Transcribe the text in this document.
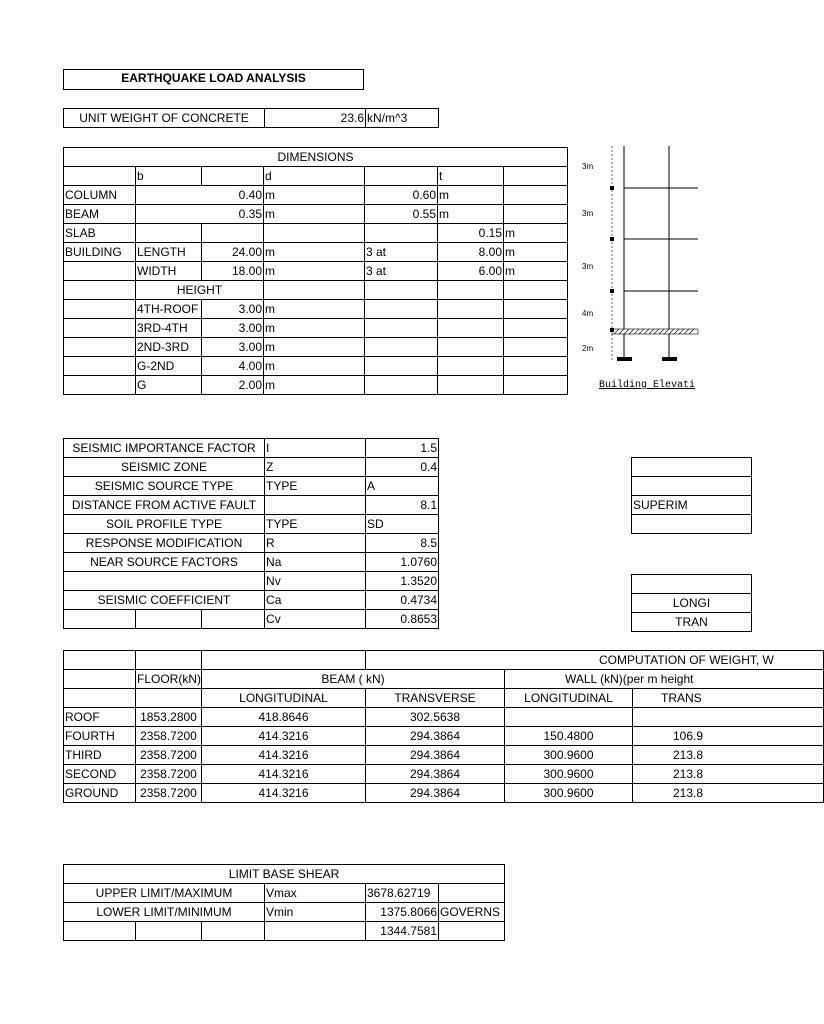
EARTHQUAKE LOAD ANALYSIS
UNIT WEIGHT OF CONCRETE	23.6	kN/m^3
DIMENSIONS						
	b		d		t	
COLUMN	0.40		m	0.60	m	
BEAM	0.35		m	0.55	m	
SLAB					0.15	m
BUILDING	LENGTH	24.00	m	3 at	8.00	m
	WIDTH	18.00	m	3 at	6.00	m
	HEIGHT					
	4TH-ROOF	3.00	m			
	3RD-4TH	3.00	m			
	2ND-3RD	3.00	m			
	G-2ND	4.00	m			
	G	2.00	m			
3m
3m
3m
4m
2m
Building Elevati
SEISMIC IMPORTANCE FACTOR			I	1.5
SEISMIC ZONE			Z	0.4
SEISMIC SOURCE TYPE			TYPE	A
DISTANCE FROM ACTIVE FAULT				8.1
SOIL PROFILE TYPE			TYPE	SD
RESPONSE MODIFICATION			R	8.5
NEAR SOURCE FACTORS			Na	1.0760
			Nv	1.3520
SEISMIC COEFFICIENT			Ca	0.4734
			Cv	0.8653

SUPERIM

LONGI
TRAN
			COMPUTATION OF WEIGHT, W		
	FLOOR(kN)	BEAM ( kN)		WALL (kN)(per m height	
		LONGITUDINAL	TRANSVERSE	LONGITUDINAL	TRANS
ROOF	1853.2800	418.8646	302.5638		
FOURTH	2358.7200	414.3216	294.3864	150.4800	106.9
THIRD	2358.7200	414.3216	294.3864	300.9600	213.8
SECOND	2358.7200	414.3216	294.3864	300.9600	213.8
GROUND	2358.7200	414.3216	294.3864	300.9600	213.8
LIMIT BASE SHEAR					
UPPER LIMIT/MAXIMUM			Vmax	3678.62719	
LOWER LIMIT/MINIMUM			Vmin	1375.8066	GOVERNS
				1344.7581	
